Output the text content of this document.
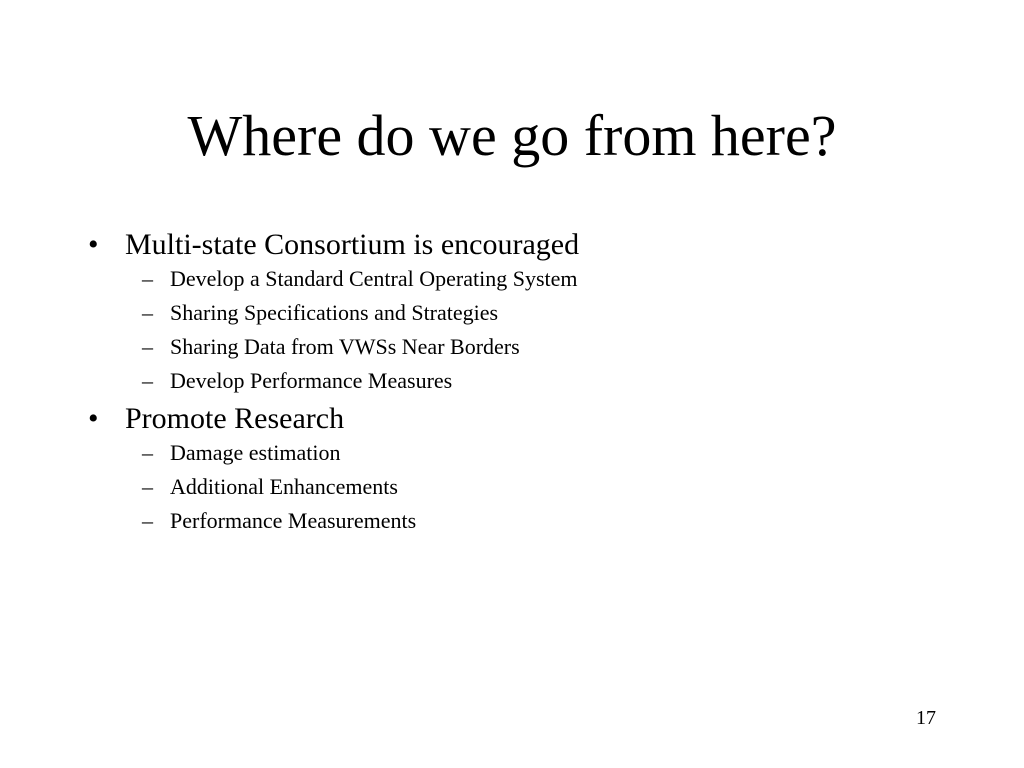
Where do we go from here?
• Multi-state Consortium is encouraged
– Develop a Standard Central Operating System
– Sharing Specifications and Strategies
– Sharing Data from VWSs Near Borders
– Develop Performance Measures
• Promote Research
– Damage estimation
– Additional Enhancements
– Performance Measurements
17
